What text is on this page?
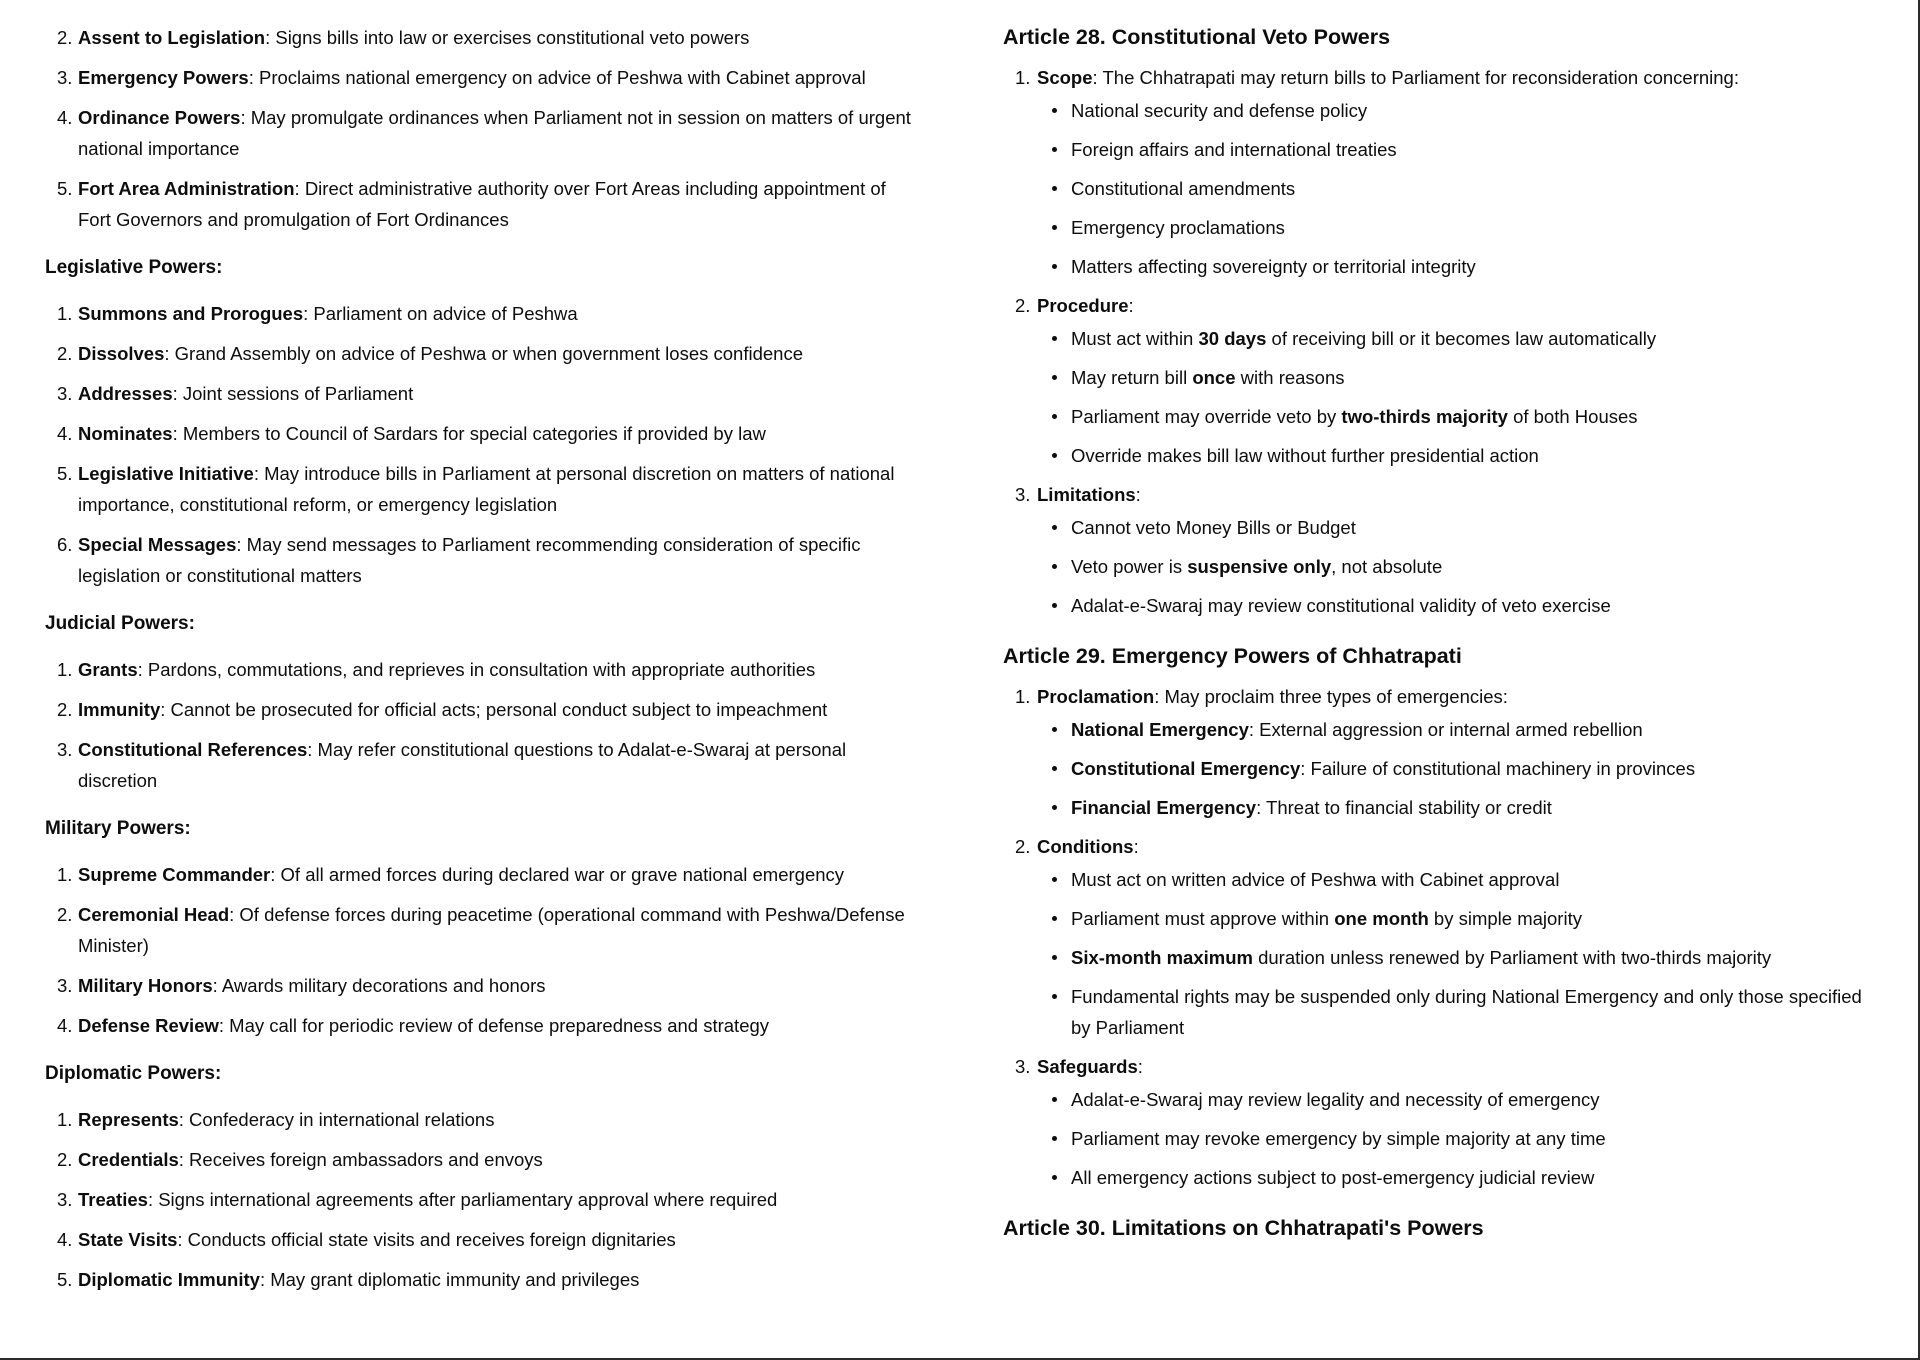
2. Assent to Legislation: Signs bills into law or exercises constitutional veto powers
3. Emergency Powers: Proclaims national emergency on advice of Peshwa with Cabinet approval
4. Ordinance Powers: May promulgate ordinances when Parliament not in session on matters of urgent national importance
5. Fort Area Administration: Direct administrative authority over Fort Areas including appointment of Fort Governors and promulgation of Fort Ordinances
Legislative Powers:
1. Summons and Prorogues: Parliament on advice of Peshwa
2. Dissolves: Grand Assembly on advice of Peshwa or when government loses confidence
3. Addresses: Joint sessions of Parliament
4. Nominates: Members to Council of Sardars for special categories if provided by law
5. Legislative Initiative: May introduce bills in Parliament at personal discretion on matters of national importance, constitutional reform, or emergency legislation
6. Special Messages: May send messages to Parliament recommending consideration of specific legislation or constitutional matters
Judicial Powers:
1. Grants: Pardons, commutations, and reprieves in consultation with appropriate authorities
2. Immunity: Cannot be prosecuted for official acts; personal conduct subject to impeachment
3. Constitutional References: May refer constitutional questions to Adalat-e-Swaraj at personal discretion
Military Powers:
1. Supreme Commander: Of all armed forces during declared war or grave national emergency
2. Ceremonial Head: Of defense forces during peacetime (operational command with Peshwa/Defense Minister)
3. Military Honors: Awards military decorations and honors
4. Defense Review: May call for periodic review of defense preparedness and strategy
Diplomatic Powers:
1. Represents: Confederacy in international relations
2. Credentials: Receives foreign ambassadors and envoys
3. Treaties: Signs international agreements after parliamentary approval where required
4. State Visits: Conducts official state visits and receives foreign dignitaries
5. Diplomatic Immunity: May grant diplomatic immunity and privileges
Article 28. Constitutional Veto Powers
1. Scope: The Chhatrapati may return bills to Parliament for reconsideration concerning:
National security and defense policy
Foreign affairs and international treaties
Constitutional amendments
Emergency proclamations
Matters affecting sovereignty or territorial integrity
2. Procedure:
Must act within 30 days of receiving bill or it becomes law automatically
May return bill once with reasons
Parliament may override veto by two-thirds majority of both Houses
Override makes bill law without further presidential action
3. Limitations:
Cannot veto Money Bills or Budget
Veto power is suspensive only, not absolute
Adalat-e-Swaraj may review constitutional validity of veto exercise
Article 29. Emergency Powers of Chhatrapati
1. Proclamation: May proclaim three types of emergencies:
National Emergency: External aggression or internal armed rebellion
Constitutional Emergency: Failure of constitutional machinery in provinces
Financial Emergency: Threat to financial stability or credit
2. Conditions:
Must act on written advice of Peshwa with Cabinet approval
Parliament must approve within one month by simple majority
Six-month maximum duration unless renewed by Parliament with two-thirds majority
Fundamental rights may be suspended only during National Emergency and only those specified by Parliament
3. Safeguards:
Adalat-e-Swaraj may review legality and necessity of emergency
Parliament may revoke emergency by simple majority at any time
All emergency actions subject to post-emergency judicial review
Article 30. Limitations on Chhatrapati's Powers
